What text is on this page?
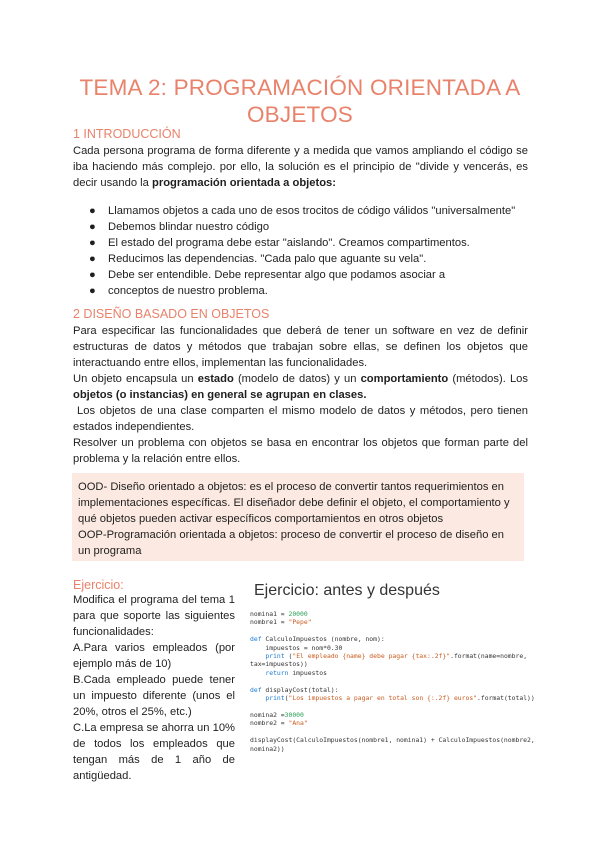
TEMA 2: PROGRAMACIÓN ORIENTADA A OBJETOS
1 INTRODUCCIÓN
Cada persona programa de forma diferente y a medida que vamos ampliando el código se iba haciendo más complejo. por ello, la solución es el principio de "divide y vencerás, es decir usando la programación orientada a objetos:
● Llamamos objetos a cada uno de esos trocitos de código válidos "universalmente"
● Debemos blindar nuestro código
● El estado del programa debe estar "aislando". Creamos compartimentos.
● Reducimos las dependencias. "Cada palo que aguante su vela".
● Debe ser entendible. Debe representar algo que podamos asociar a
● conceptos de nuestro problema.
2 DISEÑO BASADO EN OBJETOS
Para especificar las funcionalidades que deberá de tener un software en vez de definir estructuras de datos y métodos que trabajan sobre ellas, se definen los objetos que interactuando entre ellos, implementan las funcionalidades.
Un objeto encapsula un estado (modelo de datos) y un comportamiento (métodos). Los objetos (o instancias) en general se agrupan en clases.
Los objetos de una clase comparten el mismo modelo de datos y métodos, pero tienen estados independientes.
Resolver un problema con objetos se basa en encontrar los objetos que forman parte del problema y la relación entre ellos.
OOD- Diseño orientado a objetos: es el proceso de convertir tantos requerimientos en implementaciones específicas. El diseñador debe definir el objeto, el comportamiento y qué objetos pueden activar específicos comportamientos en otros objetos
OOP-Programación orientada a objetos: proceso de convertir el proceso de diseño en un programa
Ejercicio:
Modifica el programa del tema 1 para que soporte las siguientes funcionalidades:
A.Para varios empleados (por ejemplo más de 10)
B.Cada empleado puede tener un impuesto diferente (unos el 20%, otros el 25%, etc.)
C.La empresa se ahorra un 10% de todos los empleados que tengan más de 1 año de antigüedad.
Ejercicio: antes y después
nomina1 = 20000
nombre1 = "Pepe"

def CalculoImpuestos (nombre, nom):
impuestos = nom*0.30
print ("El empleado {name} debe pagar {tax:.2f}".format(name=nombre,
tax=impuestos))
return impuestos

def displayCost(total):
print("Los impuestos a pagar en total son {:.2f} euros".format(total))

nomina2 =30000
nombre2 = "Ana"

displayCost(CalculoImpuestos(nombre1, nomina1) + CalculoImpuestos(nombre2,
nomina2))
